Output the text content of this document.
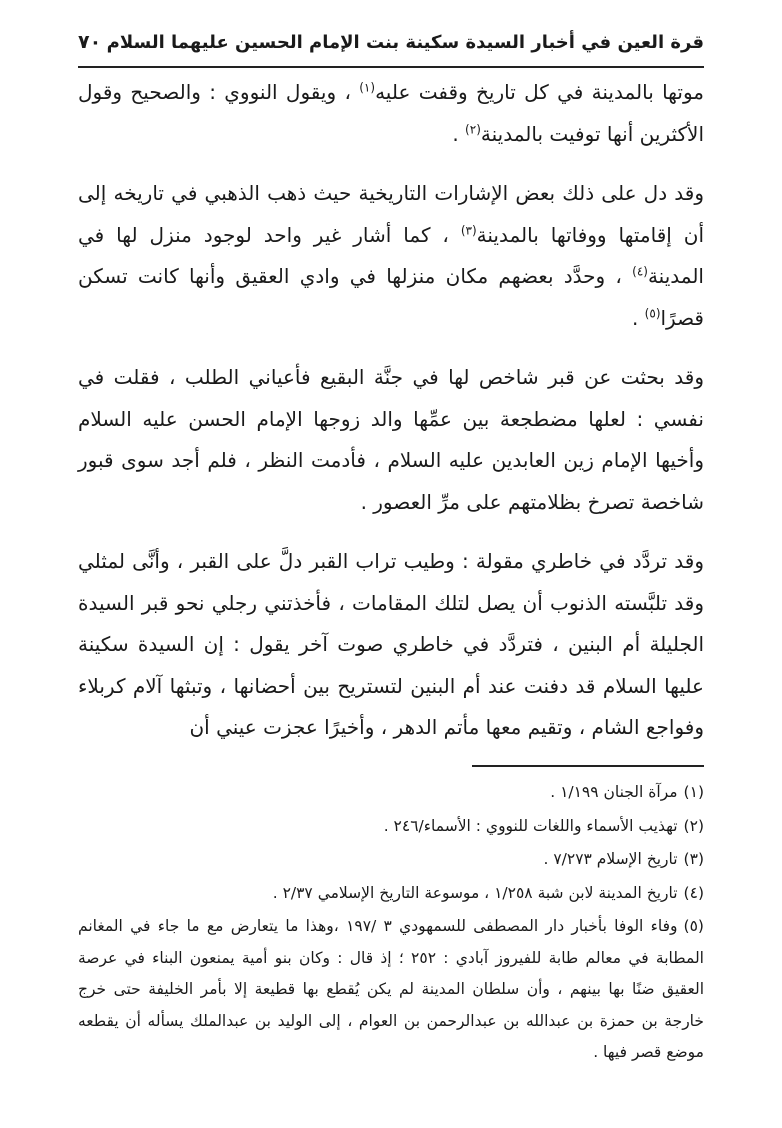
قرة العين في أخبار السيدة سكينة بنت الإمام الحسين عليهما السلام
٧٠

موتها بالمدينة في كل تاريخ وقفت عليه$^{(١)}$ ، ويقول النووي : والصحيح وقول الأكثرين أنها توفيت بالمدينة$^{(٢)}$ .

وقد دل على ذلك بعض الإشارات التاريخية حيث ذهب الذهبي في تاريخه إلى أن إقامتها ووفاتها بالمدينة$^{(٣)}$ ، كما أشار غير واحد لوجود منزل لها في المدينة$^{(٤)}$ ، وحدَّد بعضهم مكان منزلها في وادي العقيق وأنها كانت تسكن قصرًا$^{(٥)}$ .

وقد بحثت عن قبر شاخص لها في جنَّة البقيع فأعياني الطلب ، فقلت في نفسي : لعلها مضطجعة بين عمِّها والد زوجها الإمام الحسن عليه السلام وأخيها الإمام زين العابدين عليه السلام ، فأدمت النظر ، فلم أجد سوى قبور شاخصة تصرخ بظلامتهم على مرِّ العصور .

وقد تردَّد في خاطري مقولة : وطيب تراب القبر دلَّ على القبر ، وأنَّى لمثلي وقد تلبَّسته الذنوب أن يصل لتلك المقامات ، فأخذتني رجلي نحو قبر السيدة الجليلة أم البنين ، فتردَّد في خاطري صوت آخر يقول : إن السيدة سكينة عليها السلام قد دفنت عند أم البنين لتستريح بين أحضانها ، وتبثها آلام كربلاء وفواجع الشام ، وتقيم معها مأتم الدهر ، وأخيرًا عجزت عيني أن

(١)مرآة الجنان ١/١٩٩ .
(٢)تهذيب الأسماء واللغات للنووي : الأسماء/٢٤٦ .
(٣)تاريخ الإسلام ٧/٢٧٣ .
(٤)تاريخ المدينة لابن شبة ١/٢٥٨ ، موسوعة التاريخ الإسلامي ٢/٣٧ .
(٥)وفاء الوفا بأخبار دار المصطفى للسمهودي ٣ /١٩٧ ،وهذا ما يتعارض مع ما جاء في المغانم المطابة في معالم طابة للفيروز آبادي : ٢٥٢ ؛ إذ قال : وكان بنو أمية يمنعون البناء في عرصة العقيق ضنًا بها بينهم ، وأن سلطان المدينة لم يكن يُقطع بها قطيعة إلا بأمر الخليفة حتى خرج خارجة بن حمزة بن عبدالله بن عبدالرحمن بن العوام ، إلى الوليد بن عبدالملك يسأله أن يقطعه موضع قصر فيها .
